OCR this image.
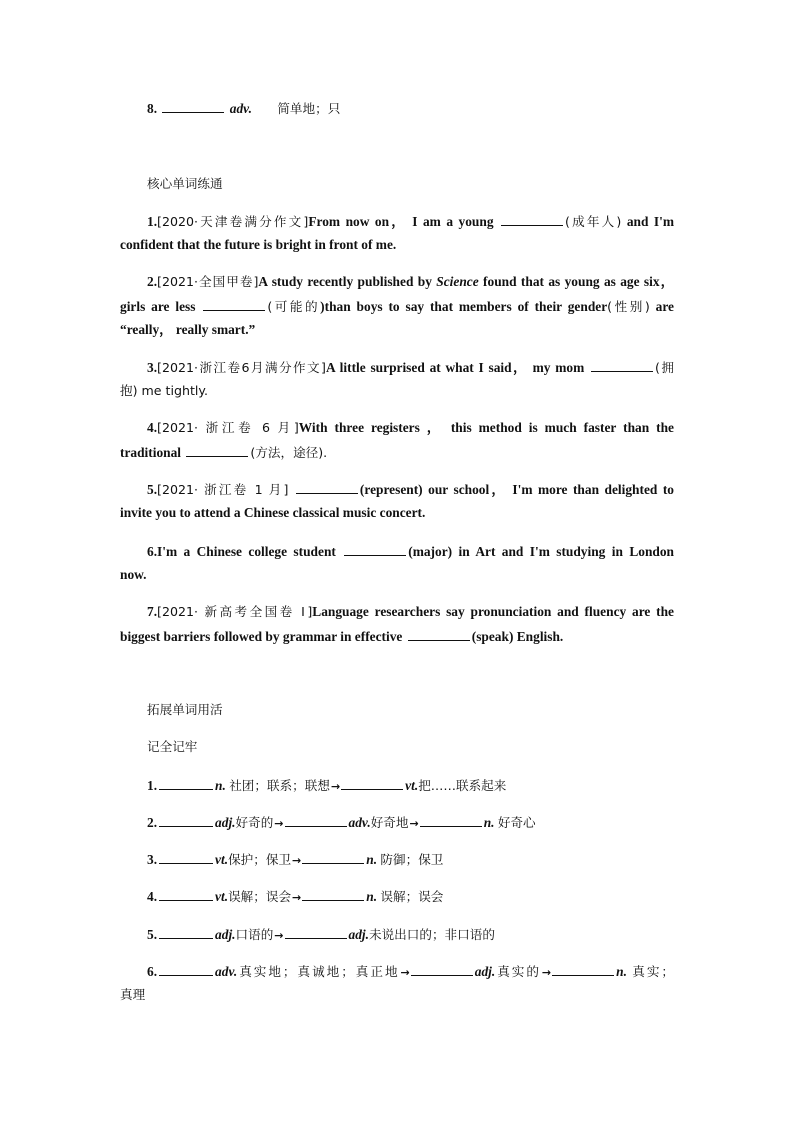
8.	adv. 简单地；只
核心单词练通
1.[2020·天津卷满分作文]From now on， I am a young	(成年人) and I'm
confident that the future is bright in front of me.
2.[2021·全国甲卷]A study recently published by Science found that as young as age six，
girls are less	(可能的)than boys to say that members of their gender(性别) are
“really， really smart.”
3.[2021·浙江卷6月满分作文]A little surprised at what I said， my mom	(拥
抱) me tightly.
4.[2021· 浙江卷 6 月]With three registers ， this method is much faster than the
traditional	(方法，途径).
5.[2021· 浙江卷 1 月]	(represent) our school， I'm more than delighted to
invite you to attend a Chinese classical music concert.
6.I'm a Chinese college student	(major) in Art and I'm studying in London
now.
7.[2021· 新高考全国卷 Ⅰ]Language researchers say pronunciation and fluency are the
biggest barriers followed by grammar in effective	(speak) English.
拓展单词用活
记全记牢
1.	n. 社团；联系；联想→	vt.把……联系起来
2.	adj.好奇的→	adv.好奇地→	n. 好奇心
3.	vt.保护；保卫→	n. 防御；保卫
4.	vt.误解；误会→	n. 误解；误会
5.	adj.口语的→	adj.未说出口的；非口语的
6.	adv.真实地；真诚地；真正地→	adj.真实的→	n. 真实；
真理
